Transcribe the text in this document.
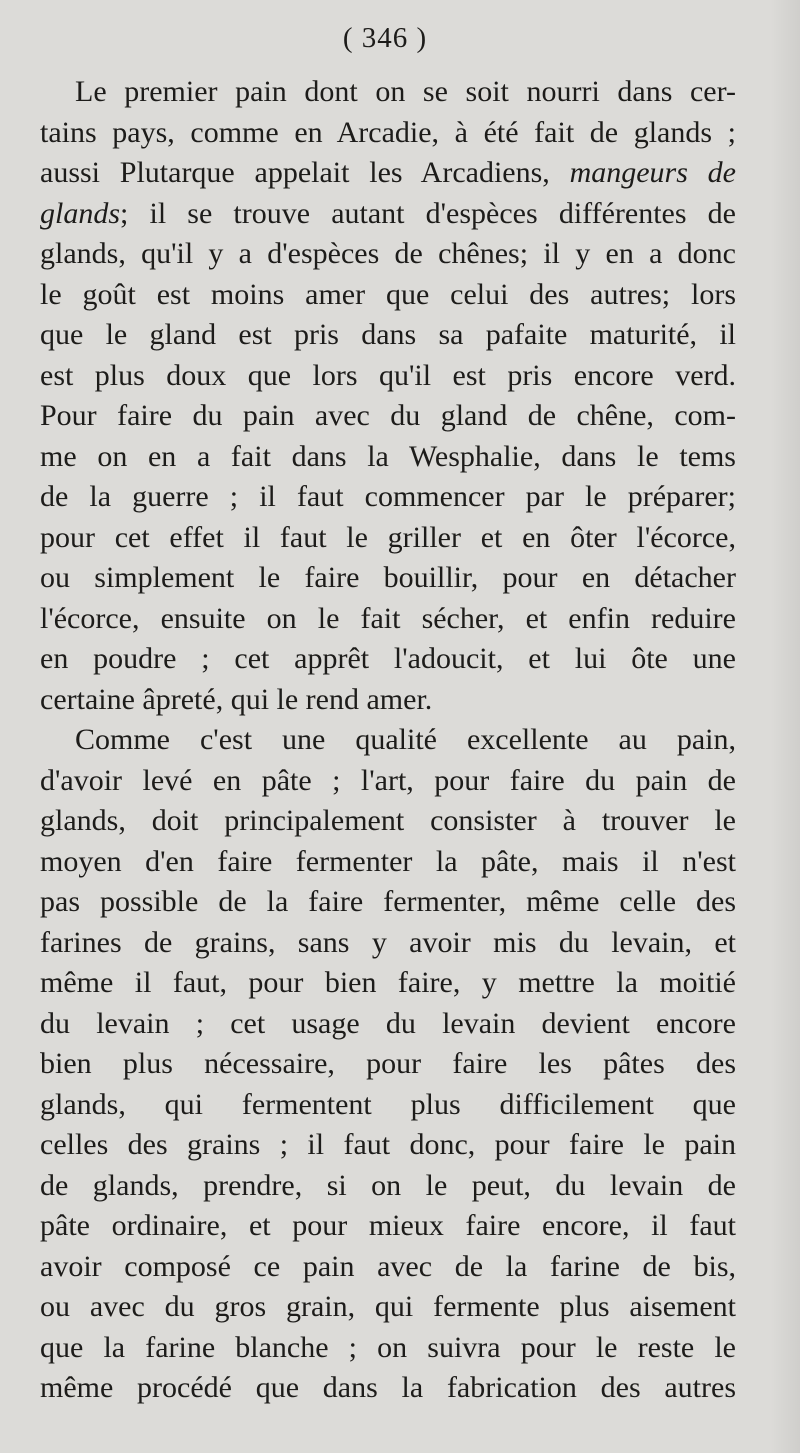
( 346 )
Le premier pain dont on se soit nourri dans cer-
tains pays, comme en Arcadie, à été fait de glands ;
aussi Plutarque appelait les Arcadiens, mangeurs de
glands; il se trouve autant d'espèces différentes de
glands, qu'il y a d'espèces de chênes; il y en a donc
le goût est moins amer que celui des autres; lors
que le gland est pris dans sa pafaite maturité, il
est plus doux que lors qu'il est pris encore verd.
Pour faire du pain avec du gland de chêne, com-
me on en a fait dans la Wesphalie, dans le tems
de la guerre ; il faut commencer par le préparer;
pour cet effet il faut le griller et en ôter l'écorce,
ou simplement le faire bouillir, pour en détacher
l'écorce, ensuite on le fait sécher, et enfin reduire
en poudre ; cet apprêt l'adoucit, et lui ôte une
certaine âpreté, qui le rend amer.
Comme c'est une qualité excellente au pain,
d'avoir levé en pâte ; l'art, pour faire du pain de
glands, doit principalement consister à trouver le
moyen d'en faire fermenter la pâte, mais il n'est
pas possible de la faire fermenter, même celle des
farines de grains, sans y avoir mis du levain, et
même il faut, pour bien faire, y mettre la moitié
du levain ; cet usage du levain devient encore
bien plus nécessaire, pour faire les pâtes des
glands, qui fermentent plus difficilement que
celles des grains ; il faut donc, pour faire le pain
de glands, prendre, si on le peut, du levain de
pâte ordinaire, et pour mieux faire encore, il faut
avoir composé ce pain avec de la farine de bis,
ou avec du gros grain, qui fermente plus aisement
que la farine blanche ; on suivra pour le reste le
même procédé que dans la fabrication des autres
